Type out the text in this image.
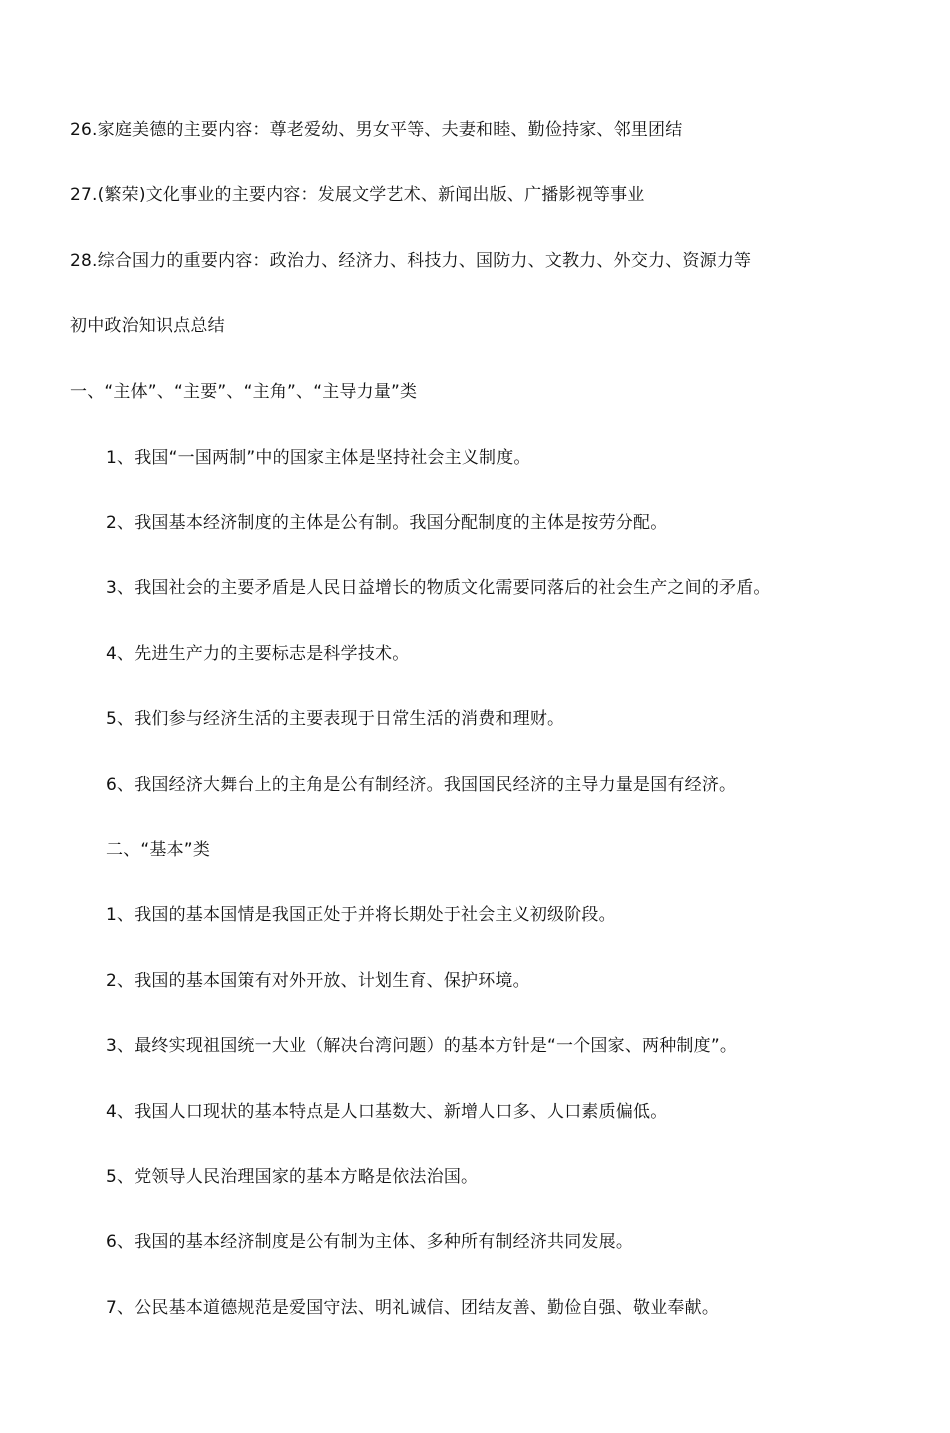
26.家庭美德的主要内容：尊老爱幼、男女平等、夫妻和睦、勤俭持家、邻里团结
27.(繁荣)文化事业的主要内容：发展文学艺术、新闻出版、广播影视等事业
28.综合国力的重要内容：政治力、经济力、科技力、国防力、文教力、外交力、资源力等
初中政治知识点总结
一、“主体”、“主要”、“主角”、“主导力量”类
1、我国“一国两制”中的国家主体是坚持社会主义制度。
2、我国基本经济制度的主体是公有制。我国分配制度的主体是按劳分配。
3、我国社会的主要矛盾是人民日益增长的物质文化需要同落后的社会生产之间的矛盾。
4、先进生产力的主要标志是科学技术。
5、我们参与经济生活的主要表现于日常生活的消费和理财。
6、我国经济大舞台上的主角是公有制经济。我国国民经济的主导力量是国有经济。
二、“基本”类
1、我国的基本国情是我国正处于并将长期处于社会主义初级阶段。
2、我国的基本国策有对外开放、计划生育、保护环境。
3、最终实现祖国统一大业（解决台湾问题）的基本方针是“一个国家、两种制度”。
4、我国人口现状的基本特点是人口基数大、新增人口多、人口素质偏低。
5、党领导人民治理国家的基本方略是依法治国。
6、我国的基本经济制度是公有制为主体、多种所有制经济共同发展。
7、公民基本道德规范是爱国守法、明礼诚信、团结友善、勤俭自强、敬业奉献。
